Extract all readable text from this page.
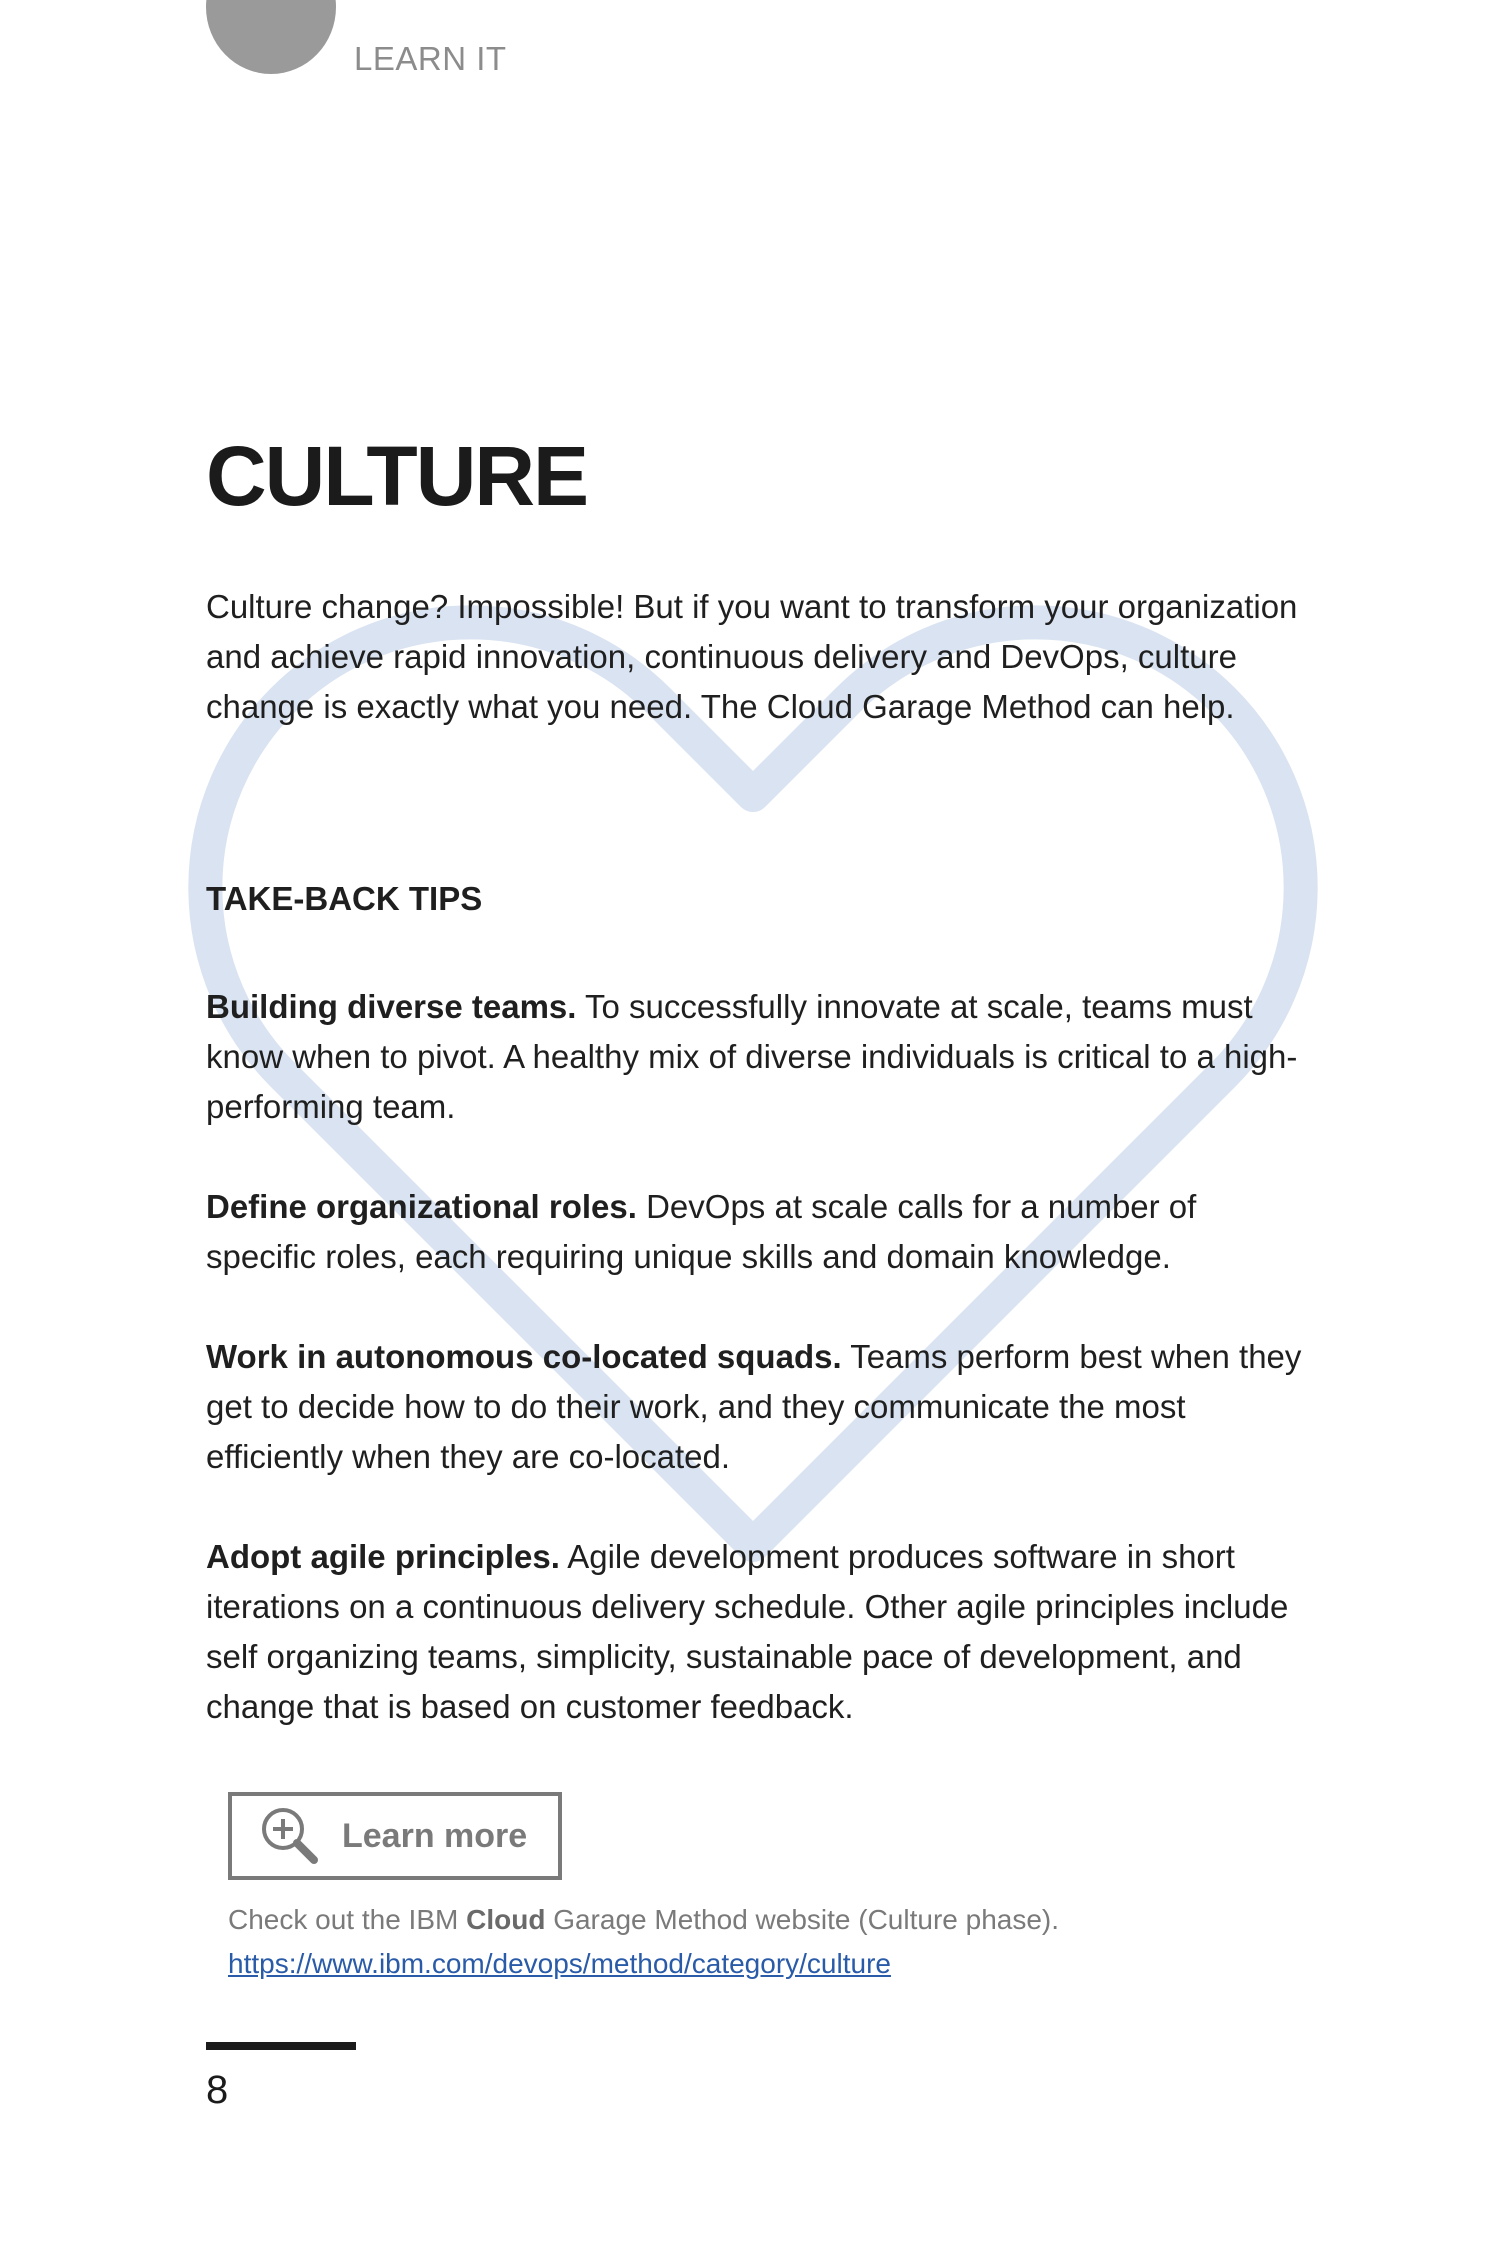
LEARN IT
CULTURE

Culture change? Impossible! But if you want to transform your organization and achieve rapid innovation, continuous delivery and DevOps, culture change is exactly what you need. The Cloud Garage Method can help.

TAKE-BACK TIPS

Building diverse teams. To successfully innovate at scale, teams must know when to pivot. A healthy mix of diverse individuals is critical to a high-performing team.

Define organizational roles. DevOps at scale calls for a number of specific roles, each requiring unique skills and domain knowledge.

Work in autonomous co-located squads. Teams perform best when they get to decide how to do their work, and they communicate the most efficiently when they are co-located.

Adopt agile principles. Agile development produces software in short iterations on a continuous delivery schedule. Other agile principles include self organizing teams, simplicity, sustainable pace of development, and change that is based on customer feedback.

Learn more

Check out the IBM Cloud Garage Method website (Culture phase).

https://www.ibm.com/devops/method/category/culture
8
